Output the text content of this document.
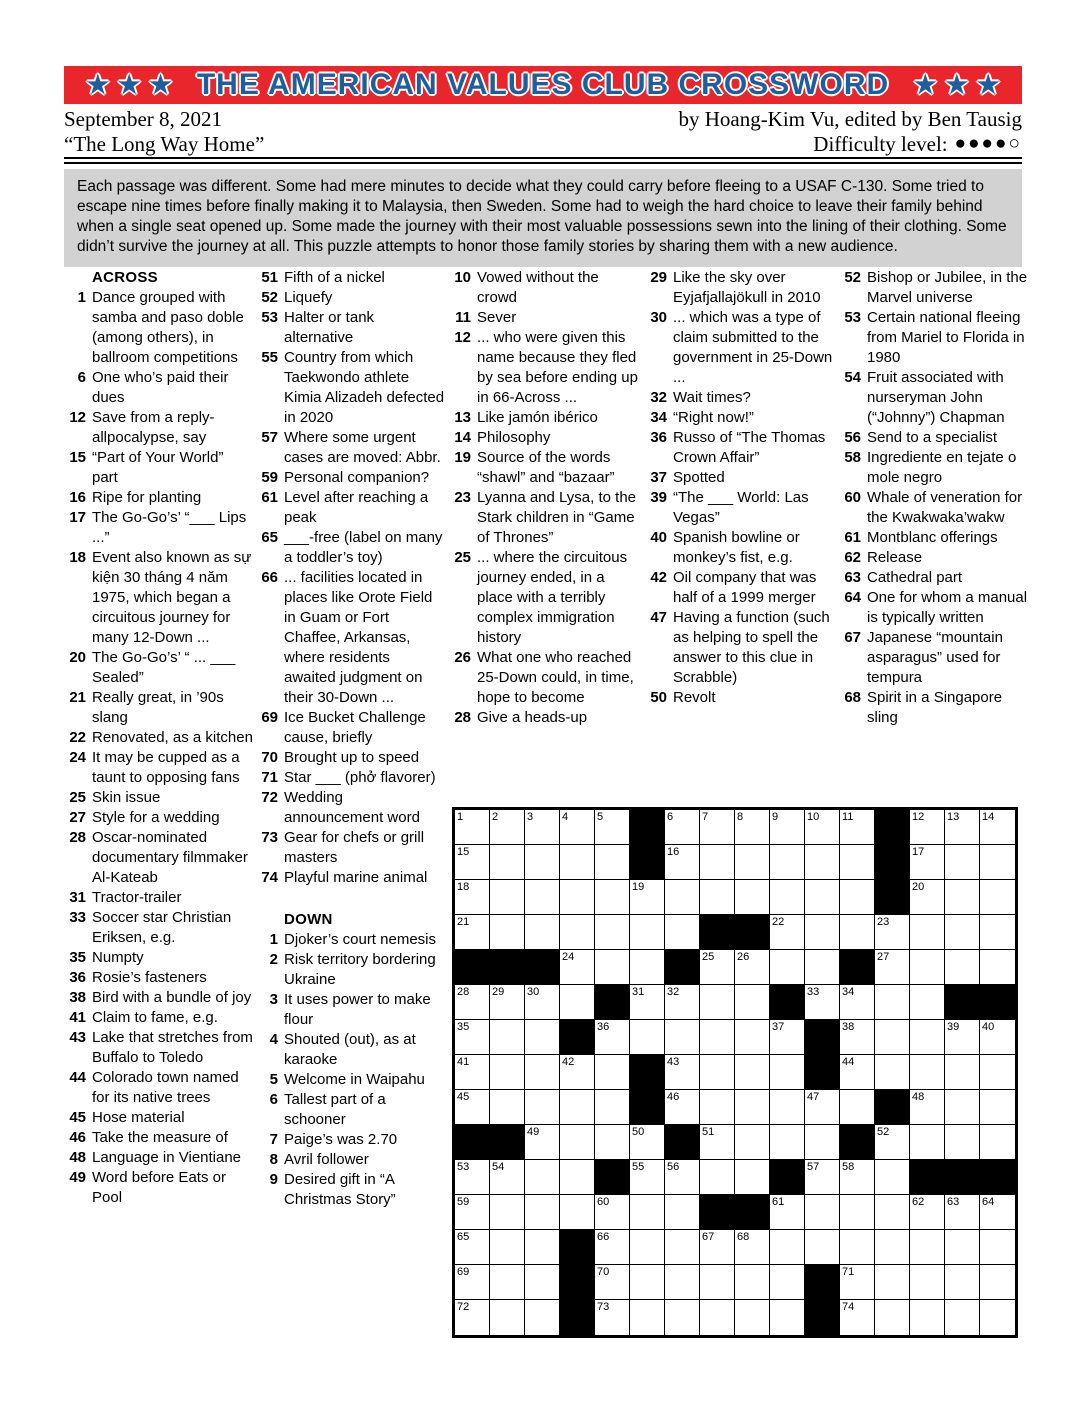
★★★ THE AMERICAN VALUES CLUB CROSSWORD	★★★
September 8, 2021	by Hoang-Kim Vu, edited by Ben Tausig
“The Long Way Home”	Difficulty level: ●●●●○
Each passage was different. Some had mere minutes to decide what they could carry before fleeing to a USAF C-130. Some tried to escape nine times before finally making it to Malaysia, then Sweden. Some had to weigh the hard choice to leave their family behind when a single seat opened up. Some made the journey with their most valuable possessions sewn into the lining of their clothing. Some didn’t survive the journey at all. This puzzle attempts to honor those family stories by sharing them with a new audience.
ACROSS
1 Dance grouped with samba and paso doble (among others), in ballroom competitions
6 One who’s paid their dues
12 Save from a reply-allpocalypse, say
15 “Part of Your World” part
16 Ripe for planting
17 The Go-Go’s’ “___ Lips ...”
18 Event also known as sự kiện 30 tháng 4 năm 1975, which began a circuitous journey for many 12-Down ...
20 The Go-Go’s’ “ ... ___ Sealed”
21 Really great, in ’90s slang
22 Renovated, as a kitchen
24 It may be cupped as a taunt to opposing fans
25 Skin issue
27 Style for a wedding
28 Oscar-nominated documentary filmmaker Al-Kateab
31 Tractor-trailer
33 Soccer star Christian Eriksen, e.g.
35 Numpty
36 Rosie’s fasteners
38 Bird with a bundle of joy
41 Claim to fame, e.g.
43 Lake that stretches from Buffalo to Toledo
44 Colorado town named for its native trees
45 Hose material
46 Take the measure of
48 Language in Vientiane
49 Word before Eats or Pool
51 Fifth of a nickel
52 Liquefy
53 Halter or tank alternative
55 Country from which Taekwondo athlete Kimia Alizadeh defected in 2020
57 Where some urgent cases are moved: Abbr.
59 Personal companion?
61 Level after reaching a peak
65 ___-free (label on many a toddler’s toy)
66 ... facilities located in places like Orote Field in Guam or Fort Chaffee, Arkansas, where residents awaited judgment on their 30-Down ...
69 Ice Bucket Challenge cause, briefly
70 Brought up to speed
71 Star ___ (phở flavorer)
72 Wedding announcement word
73 Gear for chefs or grill masters
74 Playful marine animal
DOWN
1 Djoker’s court nemesis
2 Risk territory bordering Ukraine
3 It uses power to make flour
4 Shouted (out), as at karaoke
5 Welcome in Waipahu
6 Tallest part of a schooner
7 Paige’s was 2.70
8 Avril follower
9 Desired gift in “A Christmas Story”
10 Vowed without the crowd
11 Sever
12 ... who were given this name because they fled by sea before ending up in 66-Across ...
13 Like jamón ibérico
14 Philosophy
19 Source of the words “shawl” and “bazaar”
23 Lyanna and Lysa, to the Stark children in “Game of Thrones”
25 ... where the circuitous journey ended, in a place with a terribly complex immigration history
26 What one who reached 25-Down could, in time, hope to become
28 Give a heads-up
29 Like the sky over Eyjafjallajökull in 2010
30 ... which was a type of claim submitted to the government in 25-Down ...
32 Wait times?
34 “Right now!”
36 Russo of “The Thomas Crown Affair”
37 Spotted
39 “The ___ World: Las Vegas”
40 Spanish bowline or monkey’s fist, e.g.
42 Oil company that was half of a 1999 merger
47 Having a function (such as helping to spell the answer to this clue in Scrabble)
50 Revolt
52 Bishop or Jubilee, in the Marvel universe
53 Certain national fleeing from Mariel to Florida in 1980
54 Fruit associated with nurseryman John (“Johnny”) Chapman
56 Send to a specialist
58 Ingrediente en tejate o mole negro
60 Whale of veneration for the Kwakwaka’wakw
61 Montblanc offerings
62 Release
63 Cathedral part
64 One for whom a manual is typically written
67 Japanese “mountain asparagus” used for tempura
68 Spirit in a Singapore sling
1	2	3	4	5	6	7	8	9	10 11	12 13 14
15	16	17
18	19	20
21	22	23
24	25 26	27
28 29 30	31 32	33 34
35	36	37	38	39 40
41	42	43	44
45	46	47	48
49	50	51	52
53 54	55 56	57 58
59	60	61	62 63 64
65	66	67 68
69	70	71
72	73	74
